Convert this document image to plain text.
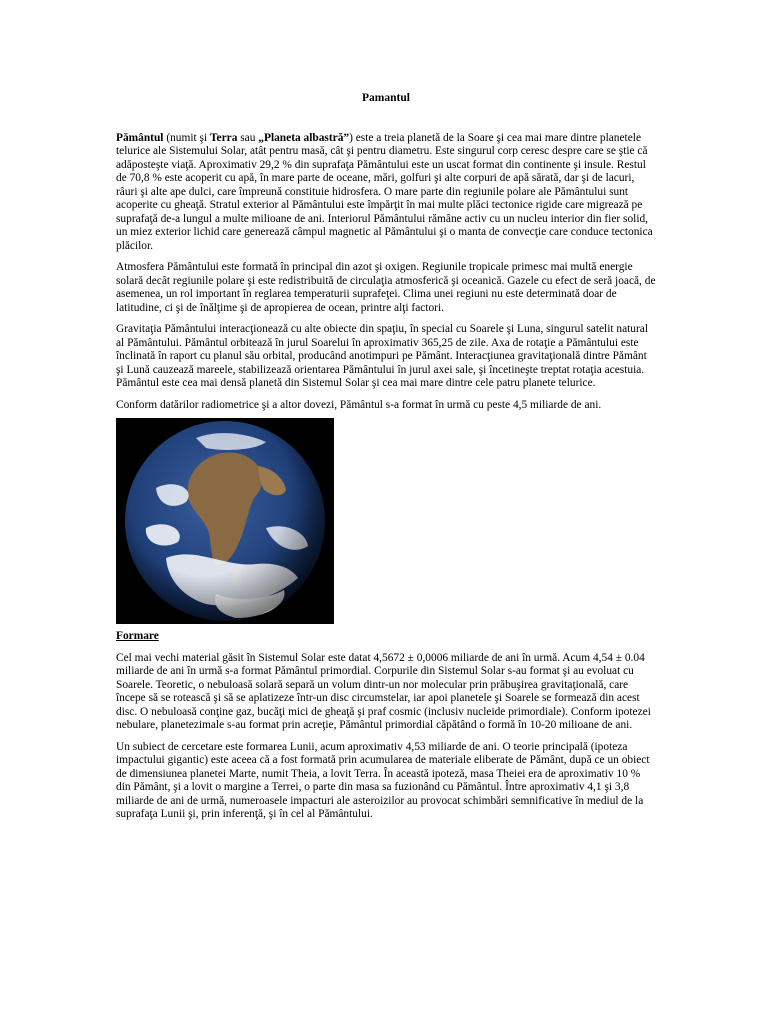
Pamantul

Pământul (numit şi Terra sau „Planeta albastră”) este a treia planetă de la Soare şi cea mai mare dintre planetele telurice ale Sistemului Solar, atât pentru masă, cât şi pentru diametru. Este singurul corp ceresc despre care se ştie că adăposteşte viaţă. Aproximativ 29,2 % din suprafaţa Pământului este un uscat format din continente şi insule. Restul de 70,8 % este acoperit cu apă, în mare parte de oceane, mări, golfuri şi alte corpuri de apă sărată, dar şi de lacuri, râuri şi alte ape dulci, care împreună constituie hidrosfera. O mare parte din regiunile polare ale Pământului sunt acoperite cu gheaţă. Stratul exterior al Pământului este împărţit în mai multe plăci tectonice rigide care migrează pe suprafaţă de-a lungul a multe milioane de ani. Interiorul Pământului rămâne activ cu un nucleu interior din fier solid, un miez exterior lichid care generează câmpul magnetic al Pământului şi o manta de convecţie care conduce tectonica plăcilor.

Atmosfera Pământului este formată în principal din azot şi oxigen. Regiunile tropicale primesc mai multă energie solară decât regiunile polare şi este redistribuită de circulaţia atmosferică şi oceanică. Gazele cu efect de seră joacă, de asemenea, un rol important în reglarea temperaturii suprafeţei. Clima unei regiuni nu este determinată doar de latitudine, ci şi de înălţime şi de apropierea de ocean, printre alţi factori.

Gravitaţia Pământului interacţionează cu alte obiecte din spaţiu, în special cu Soarele şi Luna, singurul satelit natural al Pământului. Pământul orbitează în jurul Soarelui în aproximativ 365,25 de zile. Axa de rotaţie a Pământului este înclinată în raport cu planul său orbital, producând anotimpuri pe Pământ. Interacţiunea gravitaţională dintre Pământ şi Lună cauzează mareele, stabilizează orientarea Pământului în jurul axei sale, şi încetineşte treptat rotaţia acestuia. Pământul este cea mai densă planetă din Sistemul Solar şi cea mai mare dintre cele patru planete telurice.

Conform datărilor radiometrice şi a altor dovezi, Pământul s-a format în urmă cu peste 4,5 miliarde de ani.

Formare

Cel mai vechi material găsit în Sistemul Solar este datat 4,5672 ± 0,0006 miliarde de ani în urmă. Acum 4,54 ± 0.04 miliarde de ani în urmă s-a format Pământul primordial. Corpurile din Sistemul Solar s-au format şi au evoluat cu Soarele. Teoretic, o nebuloasă solară separă un volum dintr-un nor molecular prin prăbuşirea gravitaţională, care începe să se rotească şi să se aplatizeze într-un disc circumstelar, iar apoi planetele şi Soarele se formează din acest disc. O nebuloasă conţine gaz, bucăţi mici de gheaţă şi praf cosmic (inclusiv nucleide primordiale). Conform ipotezei nebulare, planetezimale s-au format prin acreţie, Pământul primordial căpătând o formă în 10-20 milioane de ani.

Un subiect de cercetare este formarea Lunii, acum aproximativ 4,53 miliarde de ani. O teorie principală (ipoteza impactului gigantic) este aceea că a fost formată prin acumularea de materiale eliberate de Pământ, după ce un obiect de dimensiunea planetei Marte, numit Theia, a lovit Terra. În această ipoteză, masa Theiei era de aproximativ 10 % din Pământ, şi a lovit o margine a Terrei, o parte din masa sa fuzionând cu Pământul. Între aproximativ 4,1 şi 3,8 miliarde de ani de urmă, numeroasele impacturi ale asteroizilor au provocat schimbări semnificative în mediul de la suprafaţa Lunii şi, prin inferenţă, şi în cel al Pământului.
